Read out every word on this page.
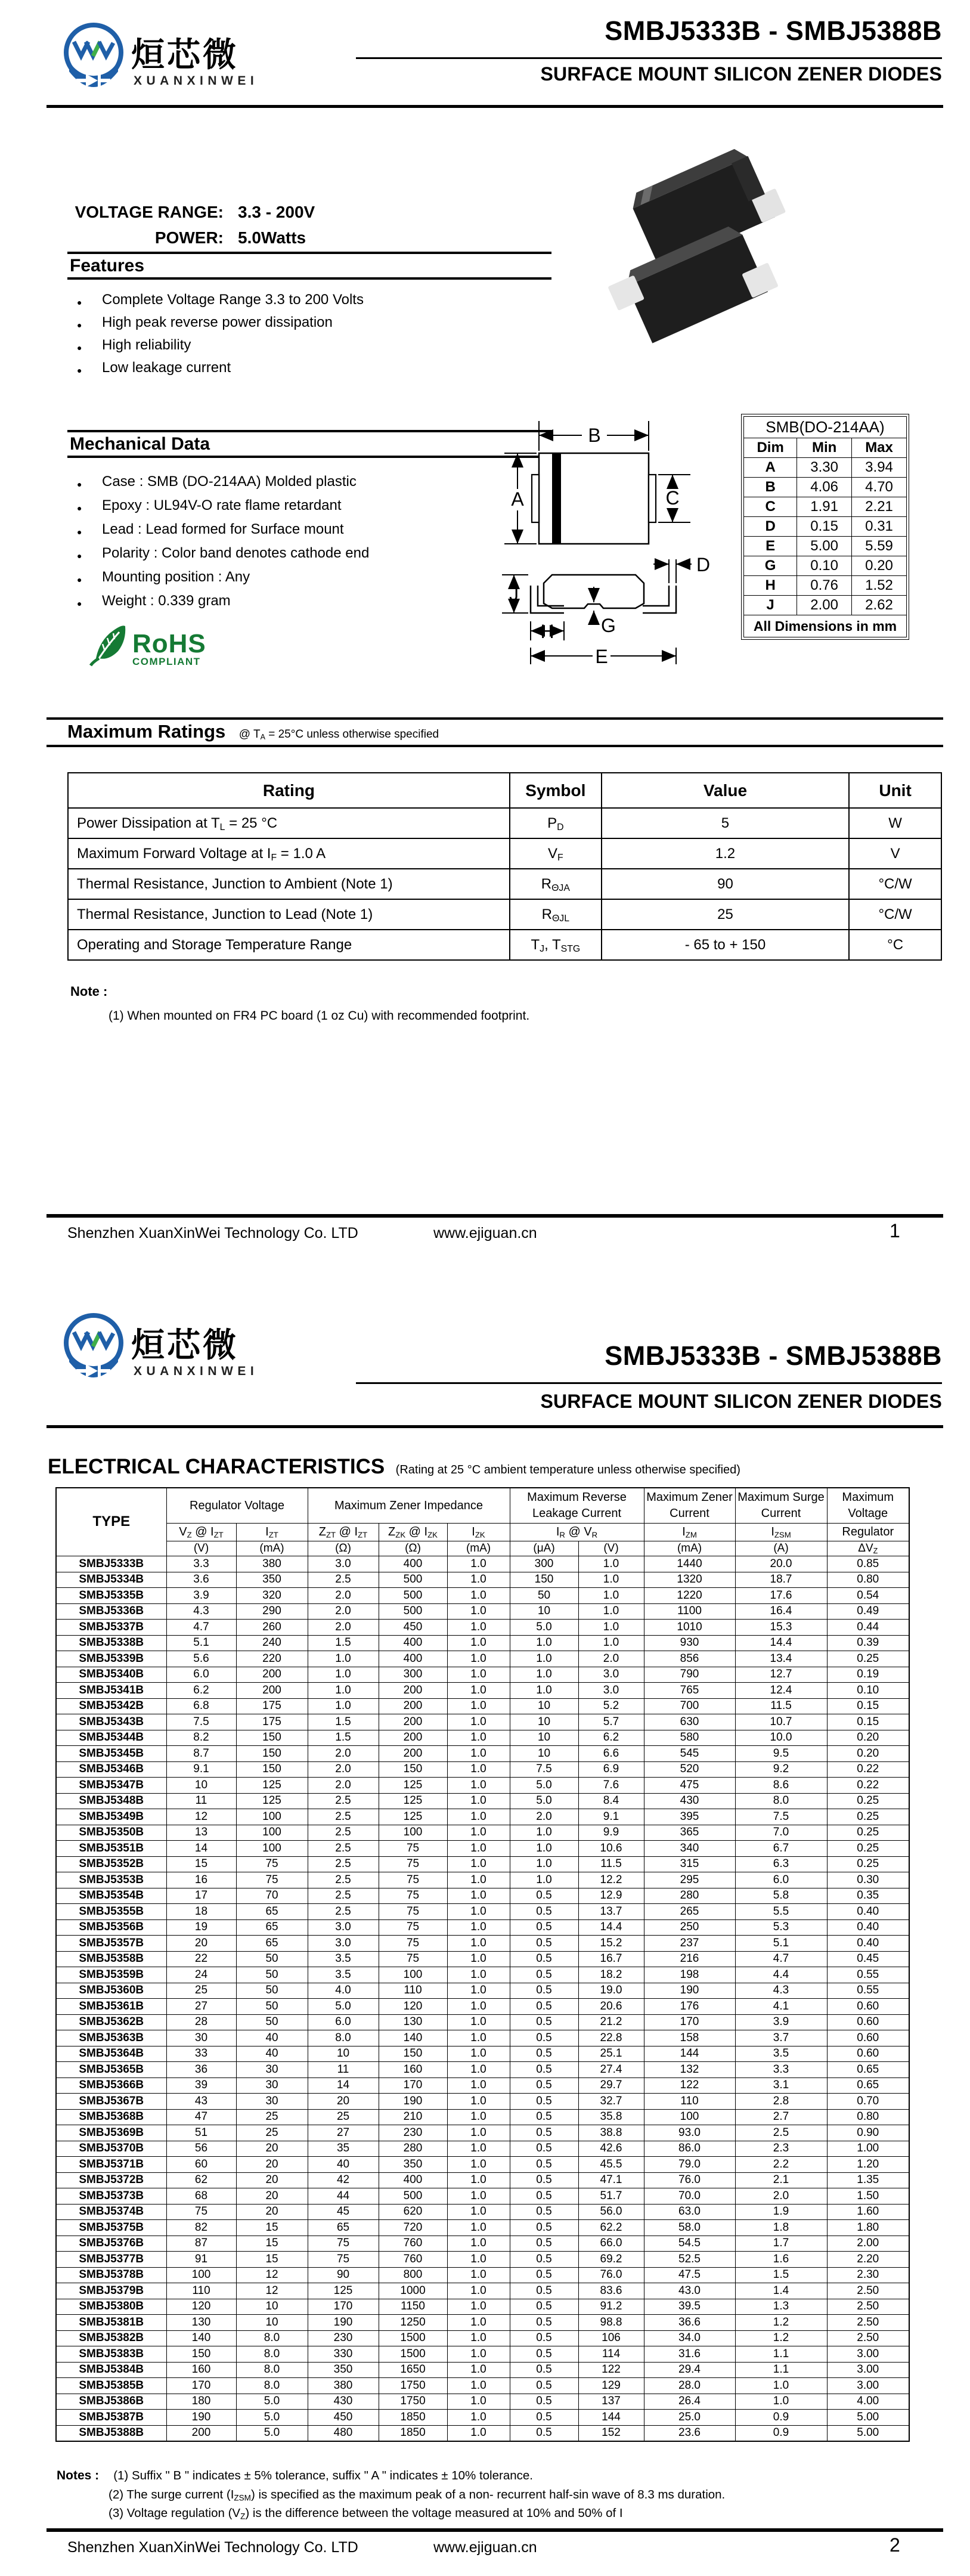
烜芯微
XUANXINWEI
SMBJ5333B - SMBJ5388B
SURFACE MOUNT SILICON ZENER DIODES
VOLTAGE RANGE: 3.3 - 200V
POWER: 5.0Watts
Features
● Complete Voltage Range 3.3 to 200 Volts
● High peak reverse power dissipation
● High reliability
● Low leakage current
Mechanical Data
● Case : SMB (DO-214AA) Molded plastic
● Epoxy : UL94V-O rate flame retardant
● Lead : Lead formed for Surface mount
● Polarity : Color band denotes cathode end
● Mounting position : Any
● Weight : 0.339 gram
RoHS
COMPLIANT
B
A	C
D
J
G
H
E
SMB(DO-214AA)		
Dim	Min	Max
A	3.30	3.94
B	4.06	4.70
C	1.91	2.21
D	0.15	0.31
E	5.00	5.59
G	0.10	0.20
H	0.76	1.52
J	2.00	2.62
All Dimensions in mm		
Maximum Ratings @ $T_A = 25^\circ C$ unless otherwise specified
Rating	Symbol	Value	Unit
Power Dissipation at $T_L = 25$ °C	$P_D$	5	W
Maximum Forward Voltage at $I_F = 1.0$ A	$V_F$	1.2	V
Thermal Resistance, Junction to Ambient (Note 1)	$R_{\Theta JA}$	90	°C/W
Thermal Resistance, Junction to Lead (Note 1)	$R_{\Theta JL}$	25	°C/W
Operating and Storage Temperature Range	$T_J$, $T_{STG}$	- 65 to + 150	°C
Note :
(1) When mounted on FR4 PC board (1 oz Cu) with recommended footprint.
Shenzhen XuanXinWei Technology Co. LTD	www.ejiguan.cn	1
烜芯微
XUANXINWEI
SMBJ5333B - SMBJ5388B
SURFACE MOUNT SILICON ZENER DIODES
ELECTRICAL CHARACTERISTICS (Rating at 25 °C ambient temperature unless otherwise specified)
TYPE	Regulator Voltage		Maximum Zener Impedance			Maximum Reverse Leakage Current		Maximum Zener Current	Maximum Surge Current	Maximum Voltage
	$V_Z$ @ $I_{ZT}$	$I_{ZT}$	$Z_{ZT}$ @ $I_{ZT}$	$Z_{ZK}$ @ $I_{ZK}$	$I_{ZK}$	$I_R$ @ $V_R$		$I_{ZM}$	$I_{ZSM}$	Regulator
	(V)	(mA)	(Ω)	(Ω)	(mA)	(μA)	(V)	(mA)	(A)	$\Delta V_Z$
SMBJ5333B	3.3	380	3.0	400	1.0	300	1.0	1440	20.0	0.85
SMBJ5334B	3.6	350	2.5	500	1.0	150	1.0	1320	18.7	0.80
SMBJ5335B	3.9	320	2.0	500	1.0	50	1.0	1220	17.6	0.54
SMBJ5336B	4.3	290	2.0	500	1.0	10	1.0	1100	16.4	0.49
SMBJ5337B	4.7	260	2.0	450	1.0	5.0	1.0	1010	15.3	0.44
SMBJ5338B	5.1	240	1.5	400	1.0	1.0	1.0	930	14.4	0.39
SMBJ5339B	5.6	220	1.0	400	1.0	1.0	2.0	856	13.4	0.25
SMBJ5340B	6.0	200	1.0	300	1.0	1.0	3.0	790	12.7	0.19
SMBJ5341B	6.2	200	1.0	200	1.0	1.0	3.0	765	12.4	0.10
SMBJ5342B	6.8	175	1.0	200	1.0	10	5.2	700	11.5	0.15
SMBJ5343B	7.5	175	1.5	200	1.0	10	5.7	630	10.7	0.15
SMBJ5344B	8.2	150	1.5	200	1.0	10	6.2	580	10.0	0.20
SMBJ5345B	8.7	150	2.0	200	1.0	10	6.6	545	9.5	0.20
SMBJ5346B	9.1	150	2.0	150	1.0	7.5	6.9	520	9.2	0.22
SMBJ5347B	10	125	2.0	125	1.0	5.0	7.6	475	8.6	0.22
SMBJ5348B	11	125	2.5	125	1.0	5.0	8.4	430	8.0	0.25
SMBJ5349B	12	100	2.5	125	1.0	2.0	9.1	395	7.5	0.25
SMBJ5350B	13	100	2.5	100	1.0	1.0	9.9	365	7.0	0.25
SMBJ5351B	14	100	2.5	75	1.0	1.0	10.6	340	6.7	0.25
SMBJ5352B	15	75	2.5	75	1.0	1.0	11.5	315	6.3	0.25
SMBJ5353B	16	75	2.5	75	1.0	1.0	12.2	295	6.0	0.30
SMBJ5354B	17	70	2.5	75	1.0	0.5	12.9	280	5.8	0.35
SMBJ5355B	18	65	2.5	75	1.0	0.5	13.7	265	5.5	0.40
SMBJ5356B	19	65	3.0	75	1.0	0.5	14.4	250	5.3	0.40
SMBJ5357B	20	65	3.0	75	1.0	0.5	15.2	237	5.1	0.40
SMBJ5358B	22	50	3.5	75	1.0	0.5	16.7	216	4.7	0.45
SMBJ5359B	24	50	3.5	100	1.0	0.5	18.2	198	4.4	0.55
SMBJ5360B	25	50	4.0	110	1.0	0.5	19.0	190	4.3	0.55
SMBJ5361B	27	50	5.0	120	1.0	0.5	20.6	176	4.1	0.60
SMBJ5362B	28	50	6.0	130	1.0	0.5	21.2	170	3.9	0.60
SMBJ5363B	30	40	8.0	140	1.0	0.5	22.8	158	3.7	0.60
SMBJ5364B	33	40	10	150	1.0	0.5	25.1	144	3.5	0.60
SMBJ5365B	36	30	11	160	1.0	0.5	27.4	132	3.3	0.65
SMBJ5366B	39	30	14	170	1.0	0.5	29.7	122	3.1	0.65
SMBJ5367B	43	30	20	190	1.0	0.5	32.7	110	2.8	0.70
SMBJ5368B	47	25	25	210	1.0	0.5	35.8	100	2.7	0.80
SMBJ5369B	51	25	27	230	1.0	0.5	38.8	93.0	2.5	0.90
SMBJ5370B	56	20	35	280	1.0	0.5	42.6	86.0	2.3	1.00
SMBJ5371B	60	20	40	350	1.0	0.5	45.5	79.0	2.2	1.20
SMBJ5372B	62	20	42	400	1.0	0.5	47.1	76.0	2.1	1.35
SMBJ5373B	68	20	44	500	1.0	0.5	51.7	70.0	2.0	1.50
SMBJ5374B	75	20	45	620	1.0	0.5	56.0	63.0	1.9	1.60
SMBJ5375B	82	15	65	720	1.0	0.5	62.2	58.0	1.8	1.80
SMBJ5376B	87	15	75	760	1.0	0.5	66.0	54.5	1.7	2.00
SMBJ5377B	91	15	75	760	1.0	0.5	69.2	52.5	1.6	2.20
SMBJ5378B	100	12	90	800	1.0	0.5	76.0	47.5	1.5	2.30
SMBJ5379B	110	12	125	1000	1.0	0.5	83.6	43.0	1.4	2.50
SMBJ5380B	120	10	170	1150	1.0	0.5	91.2	39.5	1.3	2.50
SMBJ5381B	130	10	190	1250	1.0	0.5	98.8	36.6	1.2	2.50
SMBJ5382B	140	8.0	230	1500	1.0	0.5	106	34.0	1.2	2.50
SMBJ5383B	150	8.0	330	1500	1.0	0.5	114	31.6	1.1	3.00
SMBJ5384B	160	8.0	350	1650	1.0	0.5	122	29.4	1.1	3.00
SMBJ5385B	170	8.0	380	1750	1.0	0.5	129	28.0	1.0	3.00
SMBJ5386B	180	5.0	430	1750	1.0	0.5	137	26.4	1.0	4.00
SMBJ5387B	190	5.0	450	1850	1.0	0.5	144	25.0	0.9	5.00
SMBJ5388B	200	5.0	480	1850	1.0	0.5	152	23.6	0.9	5.00
Notes : (1) Suffix " B " indicates ± 5% tolerance, suffix " A " indicates ± 10% tolerance.
(2) The surge current $(I_{ZSM})$ is specified as the maximum peak of a non- recurrent half-sin wave of 8.3 ms duration.
(3) Voltage regulation $(V_Z)$ is the difference between the voltage measured at 10% and 50% of I
Shenzhen XuanXinWei Technology Co. LTD	www.ejiguan.cn	2
